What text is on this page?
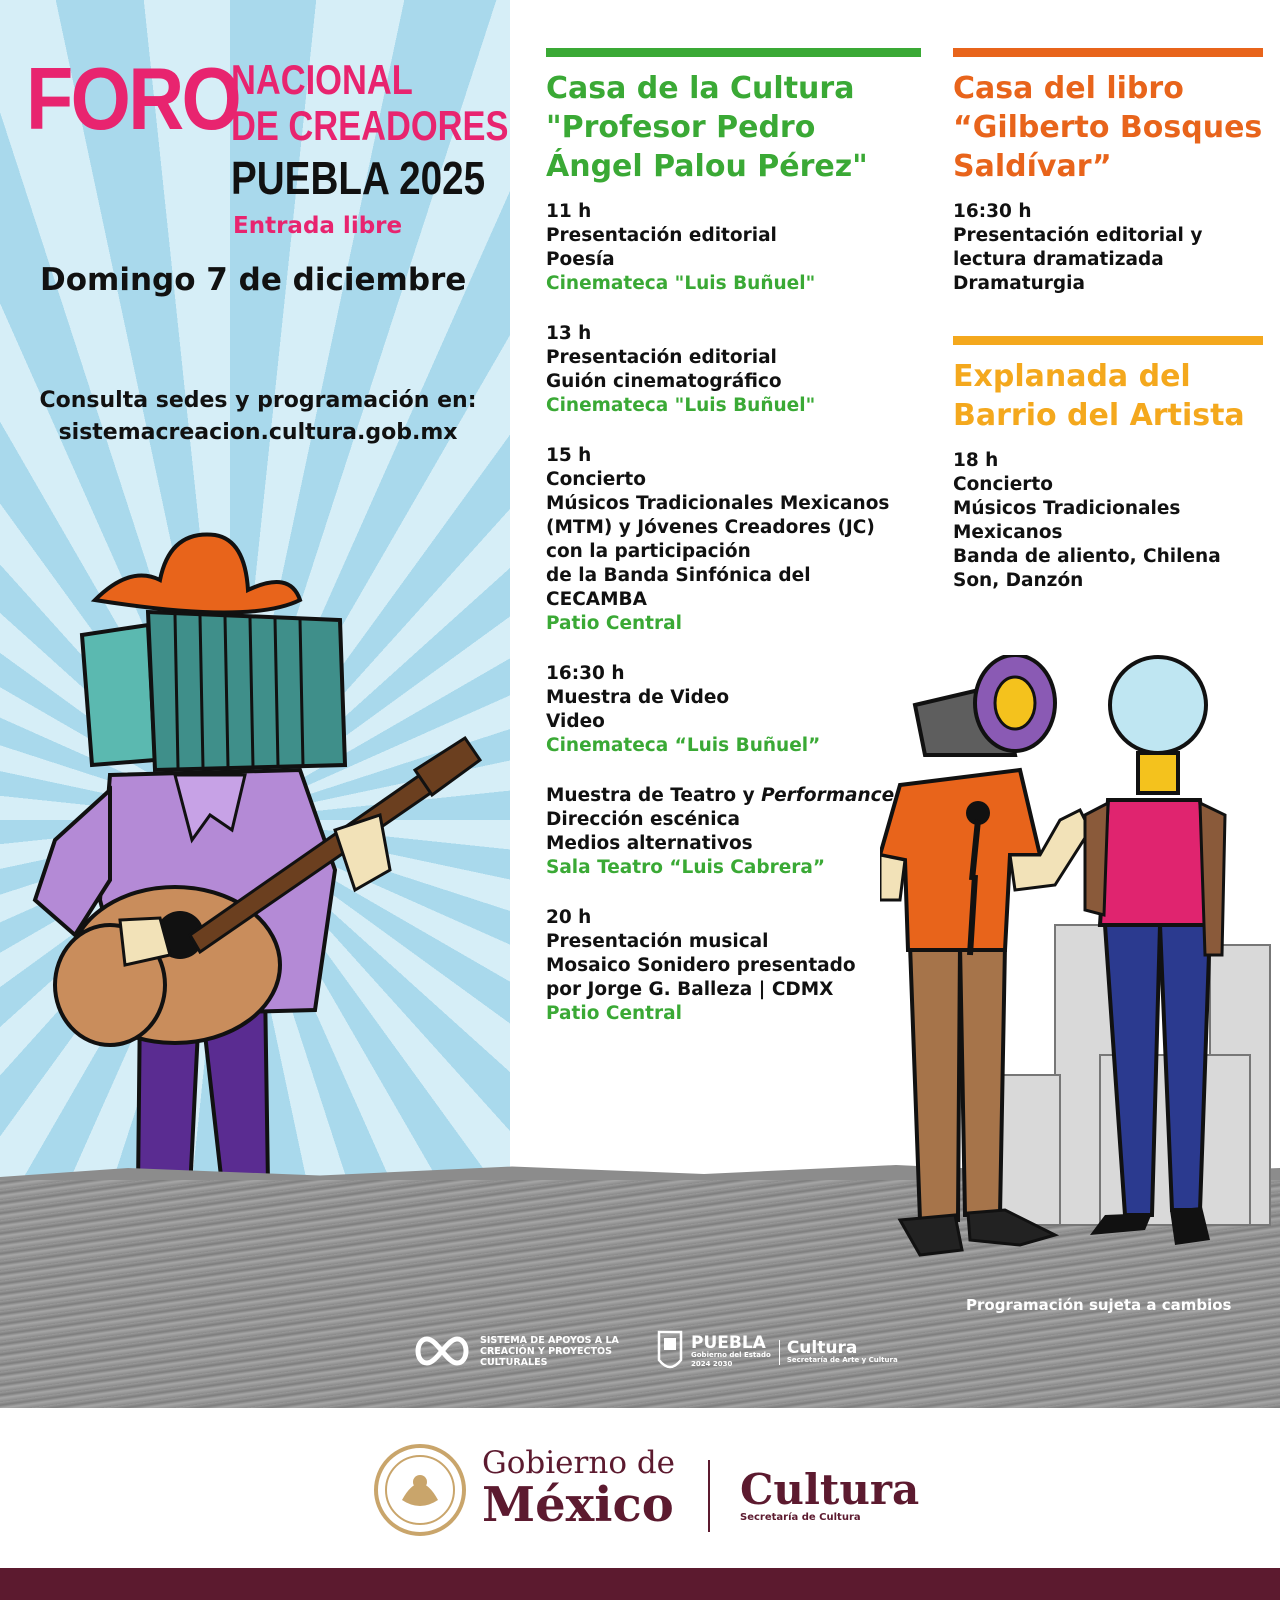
FORO
NACIONAL
DE CREADORES
PUEBLA 2025
Entrada libre
Domingo 7 de diciembre
Consulta sedes y programación en:
sistemacreacion.cultura.gob.mx
Casa de la Cultura "Profesor Pedro Ángel Palou Pérez"
11 h
Presentación editorial
Poesía
Cinemateca "Luis Buñuel"
13 h
Presentación editorial
Guión cinematográfico
Cinemateca "Luis Buñuel"
15 h
Concierto
Músicos Tradicionales Mexicanos
(MTM) y Jóvenes Creadores (JC)
con la participación
de la Banda Sinfónica del
CECAMBA
Patio Central
16:30 h
Muestra de Video
Video
Cinemateca “Luis Buñuel”
Muestra de Teatro y Performance
Dirección escénica
Medios alternativos
Sala Teatro “Luis Cabrera”
20 h
Presentación musical
Mosaico Sonidero presentado
por Jorge G. Balleza | CDMX
Patio Central
Casa del libro “Gilberto Bosques Saldívar”
16:30 h
Presentación editorial y
lectura dramatizada
Dramaturgia
Explanada del Barrio del Artista
18 h
Concierto
Músicos Tradicionales
Mexicanos
Banda de aliento, Chilena
Son, Danzón
Programación sujeta a cambios
SISTEMA DE APOYOS A LA CREACIÓN Y PROYECTOS CULTURALES
PUEBLA
Gobierno del Estado
2024 2030
Cultura
Secretaría de Arte y Cultura
Gobierno de
México Cultura
Secretaría de Cultura
